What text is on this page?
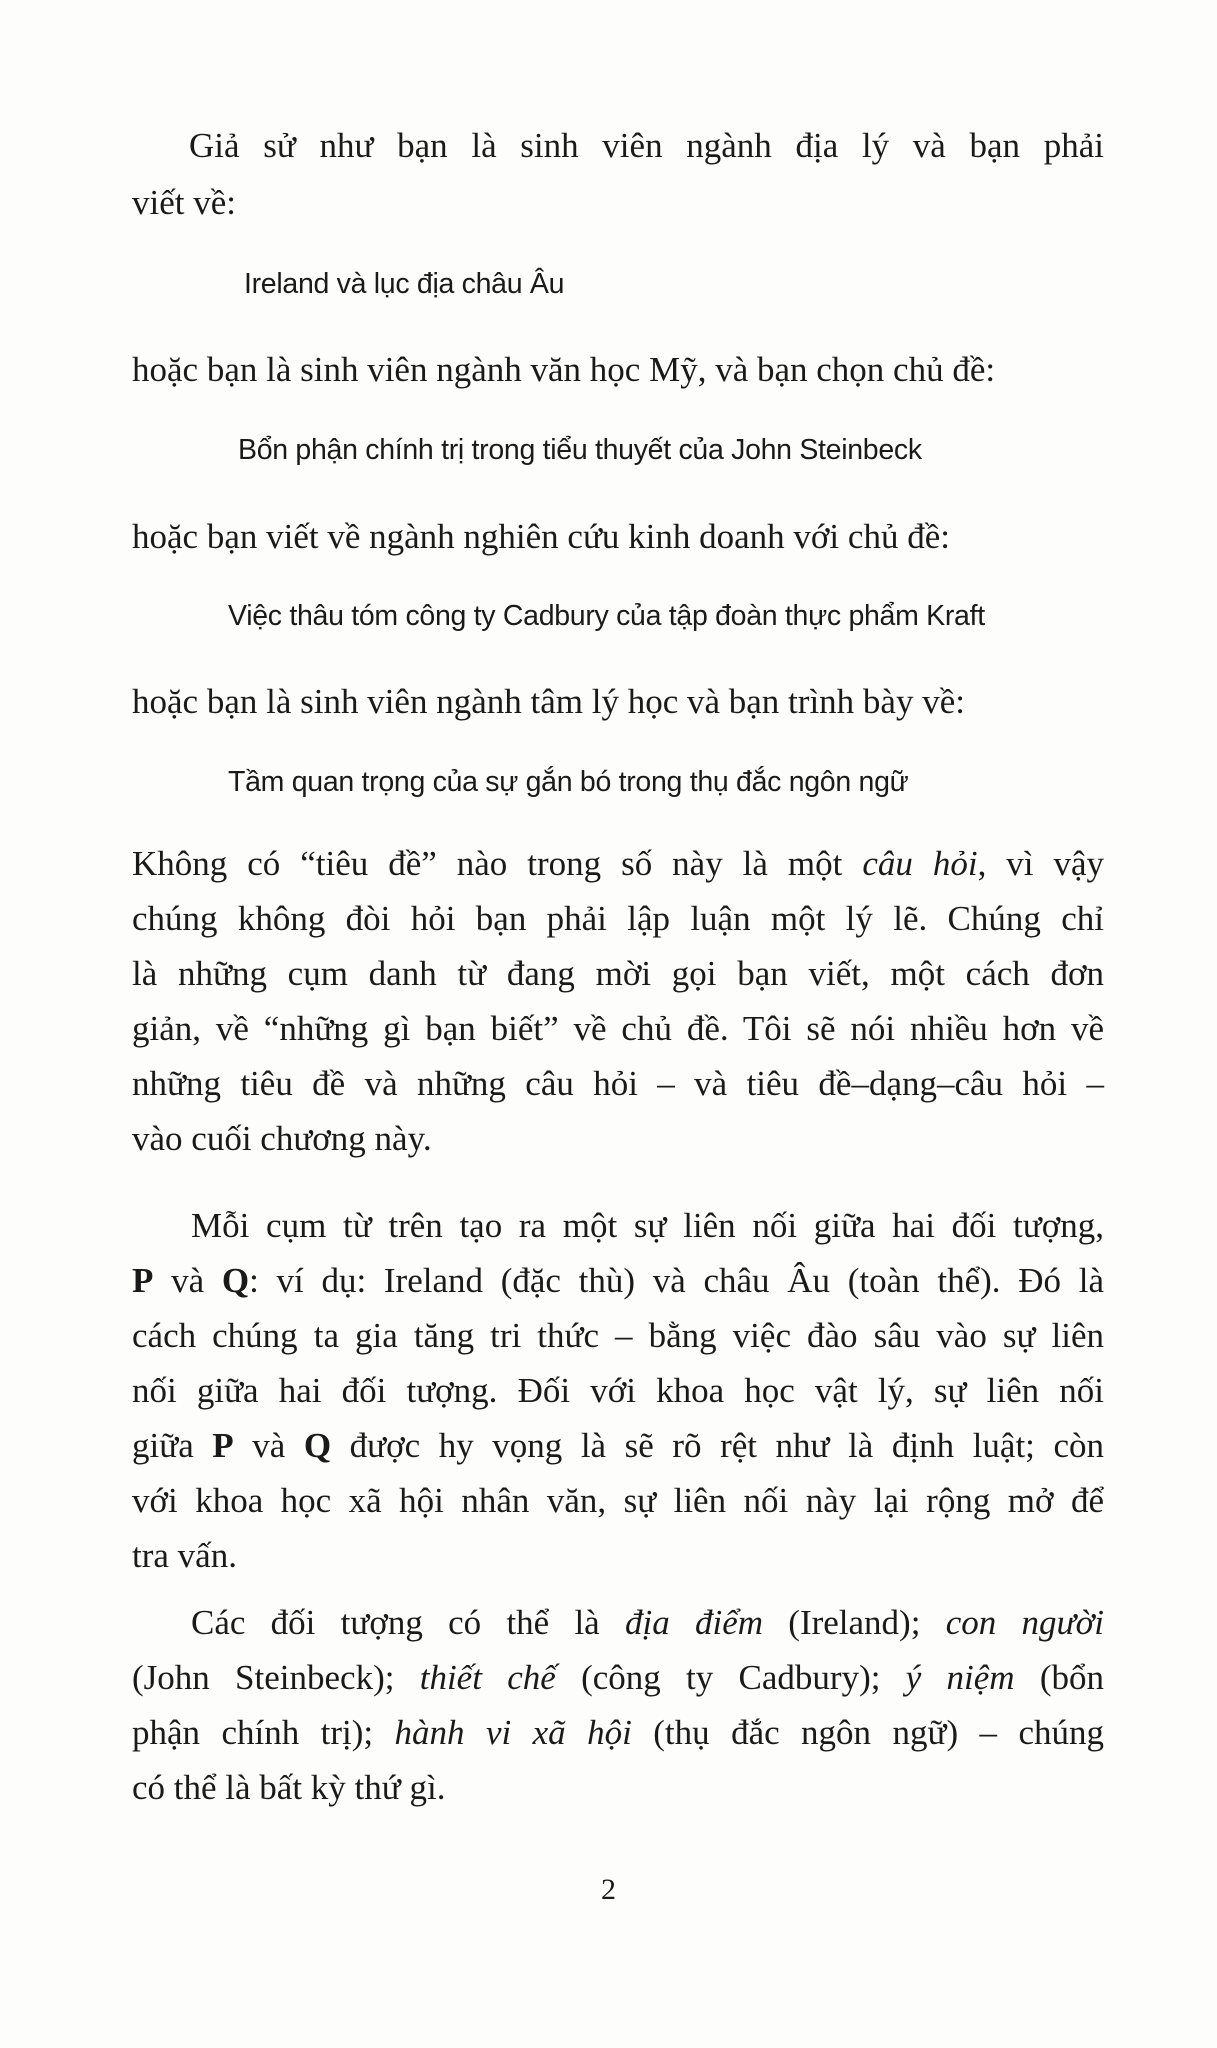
Giả sử như bạn là sinh viên ngành địa lý và bạn phải
viết về:
Ireland và lục địa châu Âu
hoặc bạn là sinh viên ngành văn học Mỹ, và bạn chọn chủ đề:
Bổn phận chính trị trong tiểu thuyết của John Steinbeck
hoặc bạn viết về ngành nghiên cứu kinh doanh với chủ đề:
Việc thâu tóm công ty Cadbury của tập đoàn thực phẩm Kraft
hoặc bạn là sinh viên ngành tâm lý học và bạn trình bày về:
Tầm quan trọng của sự gắn bó trong thụ đắc ngôn ngữ
Không có “tiêu đề” nào trong số này là một câu hỏi, vì vậy
chúng không đòi hỏi bạn phải lập luận một lý lẽ. Chúng chỉ
là những cụm danh từ đang mời gọi bạn viết, một cách đơn
giản, về “những gì bạn biết” về chủ đề. Tôi sẽ nói nhiều hơn về
những tiêu đề và những câu hỏi – và tiêu đề–dạng–câu hỏi –
vào cuối chương này.
Mỗi cụm từ trên tạo ra một sự liên nối giữa hai đối tượng,
P và Q: ví dụ: Ireland (đặc thù) và châu Âu (toàn thể). Đó là
cách chúng ta gia tăng tri thức – bằng việc đào sâu vào sự liên
nối giữa hai đối tượng. Đối với khoa học vật lý, sự liên nối
giữa P và Q được hy vọng là sẽ rõ rệt như là định luật; còn
với khoa học xã hội nhân văn, sự liên nối này lại rộng mở để
tra vấn.
Các đối tượng có thể là địa điểm (Ireland); con người
(John Steinbeck); thiết chế (công ty Cadbury); ý niệm (bổn
phận chính trị); hành vi xã hội (thụ đắc ngôn ngữ) – chúng
có thể là bất kỳ thứ gì.
2
